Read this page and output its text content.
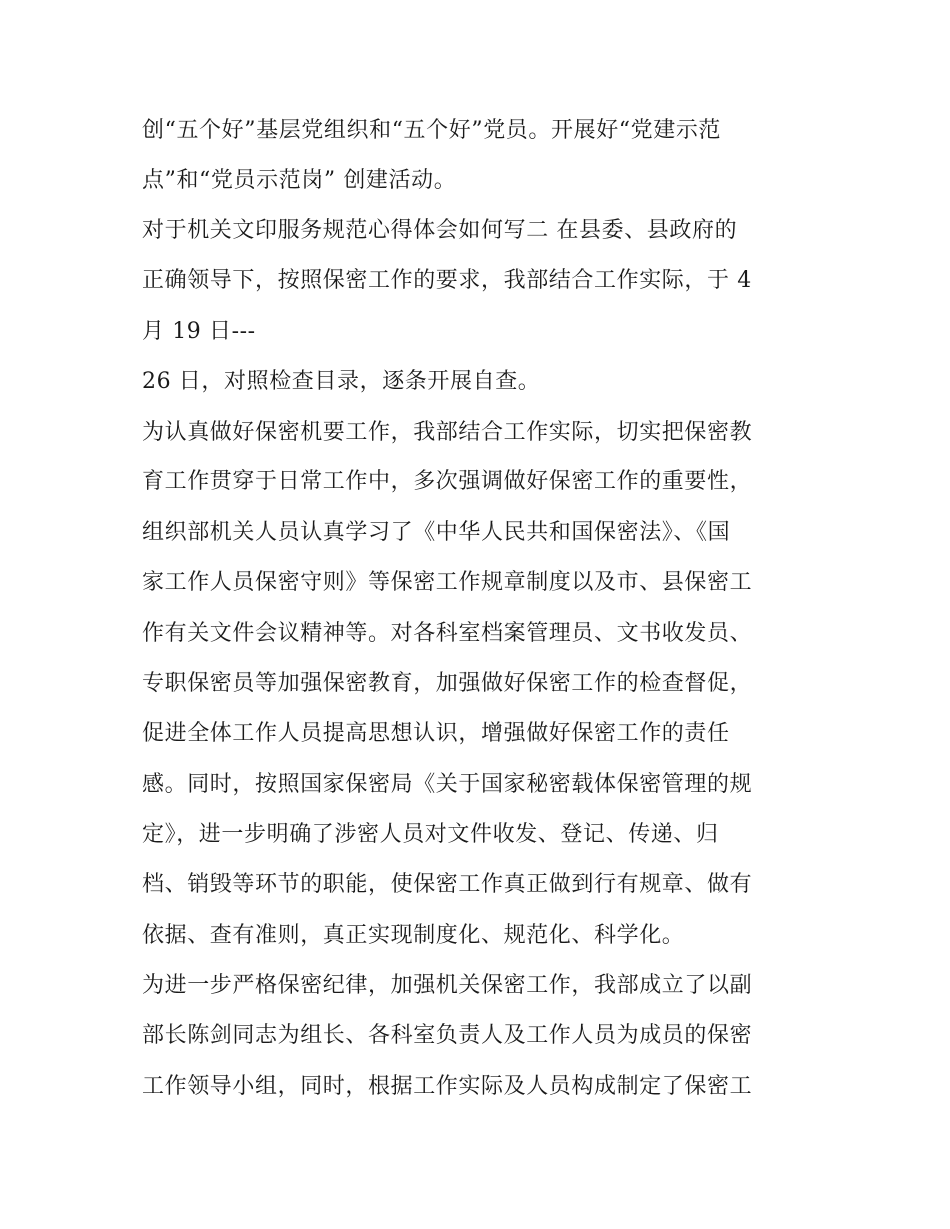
创“五个好”基层党组织和“五个好”党员。开展好“党建示范
点”和“党员示范岗” 创建活动。
对于机关文印服务规范心得体会如何写二 在县委、县政府的
正确领导下，按照保密工作的要求，我部结合工作实际，于 4
月 19 日---
26 日，对照检查目录，逐条开展自查。
为认真做好保密机要工作，我部结合工作实际，切实把保密教
育工作贯穿于日常工作中，多次强调做好保密工作的重要性，
组织部机关人员认真学习了《中华人民共和国保密法》、《国
家工作人员保密守则》等保密工作规章制度以及市、县保密工
作有关文件会议精神等。对各科室档案管理员、文书收发员、
专职保密员等加强保密教育，加强做好保密工作的检查督促，
促进全体工作人员提高思想认识，增强做好保密工作的责任
感。同时，按照国家保密局《关于国家秘密载体保密管理的规
定》，进一步明确了涉密人员对文件收发、登记、传递、归
档、销毁等环节的职能，使保密工作真正做到行有规章、做有
依据、查有准则，真正实现制度化、规范化、科学化。
为进一步严格保密纪律，加强机关保密工作，我部成立了以副
部长陈剑同志为组长、各科室负责人及工作人员为成员的保密
工作领导小组，同时，根据工作实际及人员构成制定了保密工
